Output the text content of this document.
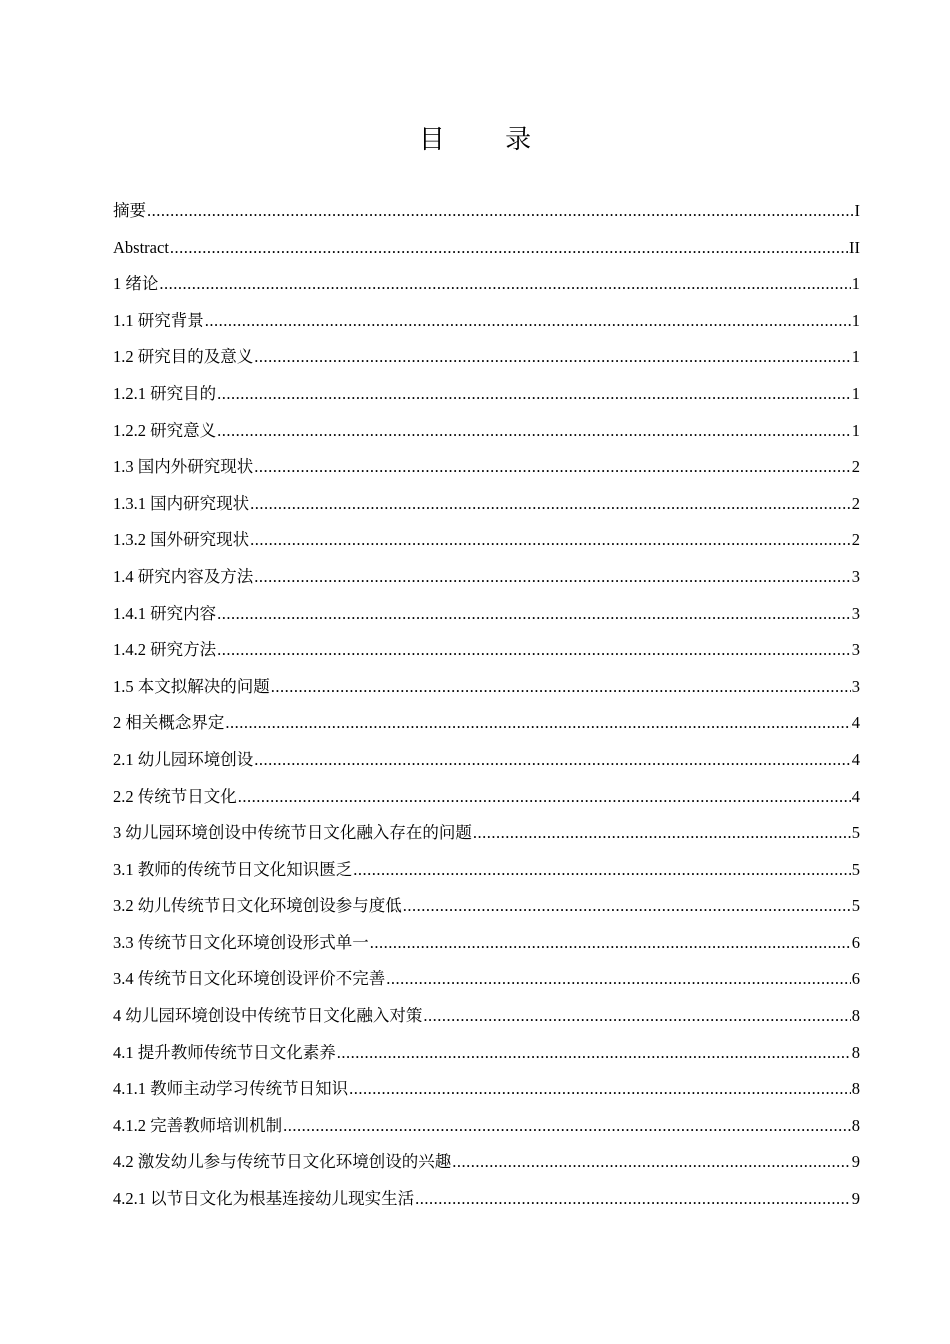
目 录
摘要 .....	I
Abstract .....	II
1 绪论 .....	1
1.1 研究背景 .....	1
1.2 研究目的及意义 .....	1
1.2.1 研究目的 .....	1
1.2.2 研究意义 .....	1
1.3 国内外研究现状 .....	2
1.3.1 国内研究现状 .....	2
1.3.2 国外研究现状 .....	2
1.4 研究内容及方法 .....	3
1.4.1 研究内容 .....	3
1.4.2 研究方法 .....	3
1.5 本文拟解决的问题 .....	3
2 相关概念界定 .....	4
2.1 幼儿园环境创设 .....	4
2.2 传统节日文化 .....	4
3 幼儿园环境创设中传统节日文化融入存在的问题 .....	5
3.1 教师的传统节日文化知识匮乏 .....	5
3.2 幼儿传统节日文化环境创设参与度低 .....	5
3.3 传统节日文化环境创设形式单一 .....	6
3.4 传统节日文化环境创设评价不完善 .....	6
4 幼儿园环境创设中传统节日文化融入对策 .....	8
4.1 提升教师传统节日文化素养 .....	8
4.1.1 教师主动学习传统节日知识 .....	8
4.1.2 完善教师培训机制 .....	8
4.2 激发幼儿参与传统节日文化环境创设的兴趣 .....	9
4.2.1 以节日文化为根基连接幼儿现实生活 .....	9
